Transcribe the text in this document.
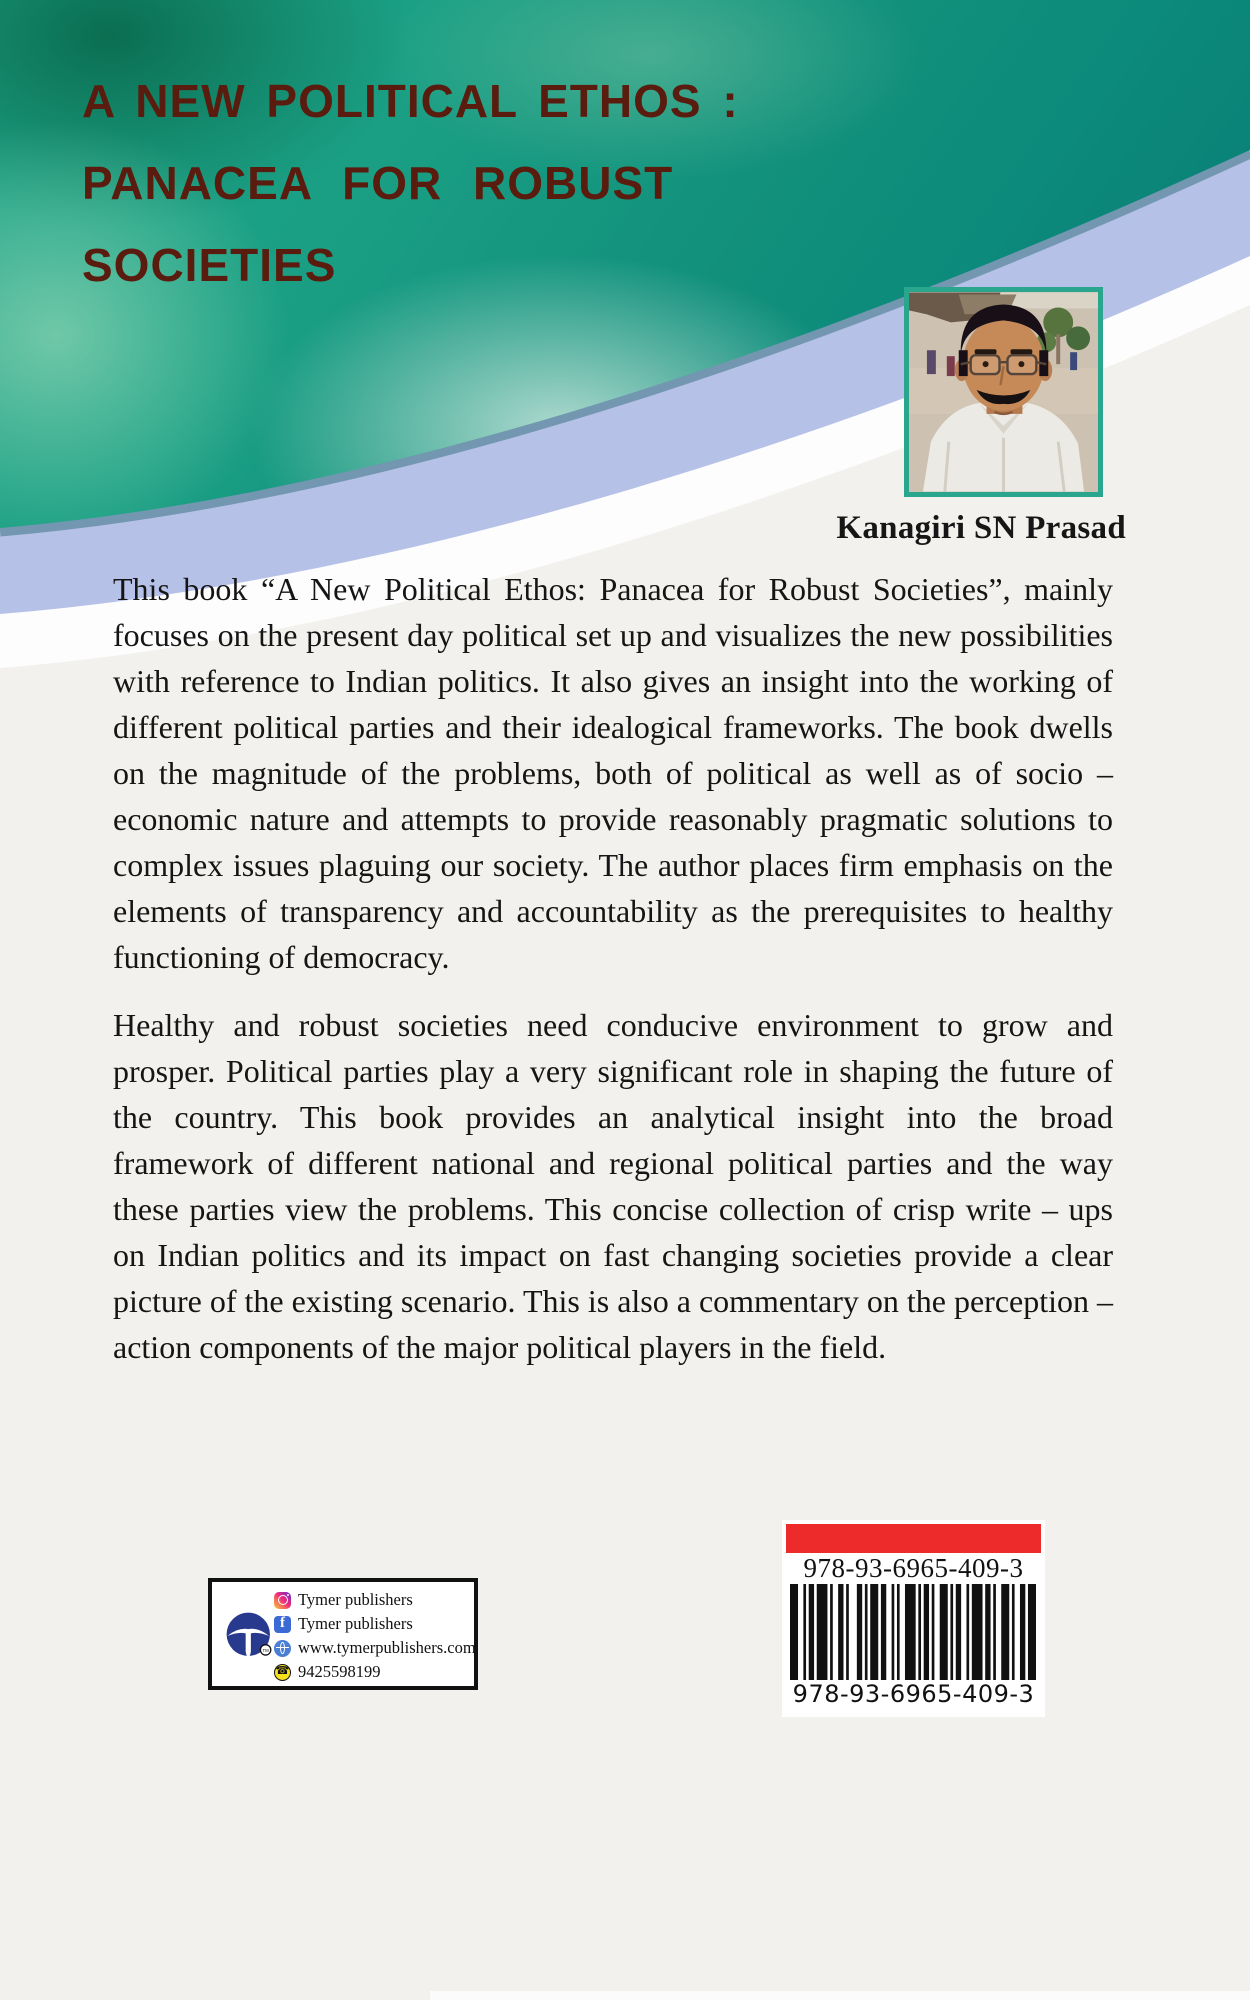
A NEW POLITICAL ETHOS :
PANACEA FOR ROBUST
SOCIETIES
Kanagiri SN Prasad

This book “A New Political Ethos: Panacea for Robust Societies”, mainly focuses on the present day political set up and visualizes the new possibilities with reference to Indian politics. It also gives an insight into the working of different political parties and their idealogical frameworks. The book dwells on the magnitude of the problems, both of political as well as of socio – economic nature and attempts to provide reasonably pragmatic solutions to complex issues plaguing our society. The author places firm emphasis on the elements of transparency and accountability as the prerequisites to healthy functioning of democracy.

Healthy and robust societies need conducive environment to grow and prosper. Political parties play a very significant role in shaping the future of the country. This book provides an analytical insight into the broad framework of different national and regional political parties and the way these parties view the problems. This concise collection of crisp write – ups on Indian politics and its impact on fast changing societies provide a clear picture of the existing scenario. This is also a commentary on the perception – action components of the major political players in the field.

TM
Tymer publishers
f
Tymer publishers
www.tymerpublishers.com
☎
9425598199
978-93-6965-409-3
978-93-6965-409-3
